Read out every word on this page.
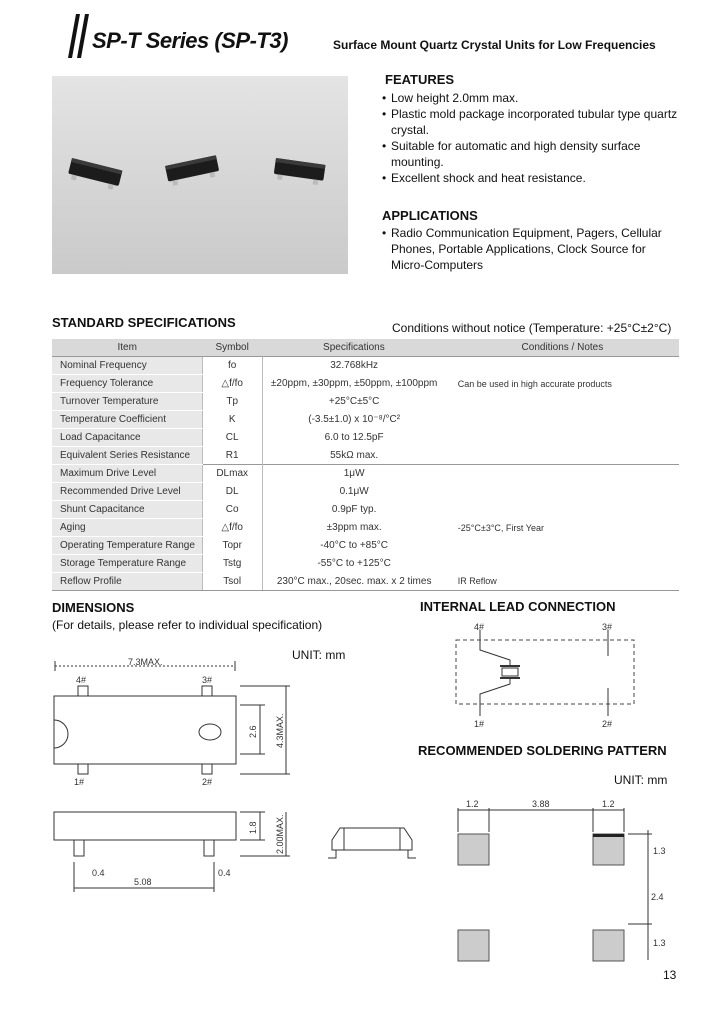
SP-T Series (SP-T3)	Surface Mount Quartz Crystal Units for Low Frequencies
FEATURES
• Low height 2.0mm max.
• Plastic mold package incorporated tubular type quartz crystal.
• Suitable for automatic and high density surface mounting.
• Excellent shock and heat resistance.
APPLICATIONS
• Radio Communication Equipment, Pagers, Cellular Phones, Portable Applications, Clock Source for Micro-Computers
STANDARD SPECIFICATIONS	Conditions without notice (Temperature: +25°C±2°C)
Item	Symbol	Specifications	Conditions / Notes
Nominal Frequency	fo	32.768kHz	
Frequency Tolerance	△f/fo	±20ppm, ±30ppm, ±50ppm, ±100ppm	Can be used in high accurate products
Turnover Temperature	Tp	+25°C±5°C	
Temperature Coefficient	K	(-3.5±1.0) x 10⁻⁸/°C²	
Load Capacitance	CL	6.0 to 12.5pF	
Equivalent Series Resistance	R1	55kΩ max.	
Maximum Drive Level	DLmax	1μW	
Recommended Drive Level	DL	0.1μW	
Shunt Capacitance	Co	0.9pF typ.	
Aging	△f/fo	±3ppm max.	-25°C±3°C, First Year
Operating Temperature Range	Topr	-40°C to +85°C	
Storage Temperature Range	Tstg	-55°C to +125°C	
Reflow Profile	Tsol	230°C max., 20sec. max. x 2 times	IR Reflow
DIMENSIONS
(For details, please refer to individual specification)
UNIT: mm
7.3MAX.
4#	3#
1#	2#
2.6 4.3MAX.
1.8 2.00MAX.
0.4	0.4
5.08
INTERNAL LEAD CONNECTION
4#	3#
1#	2#
RECOMMENDED SOLDERING PATTERN
UNIT: mm
1.2	3.88	1.2
1.3
2.4
1.3
13
